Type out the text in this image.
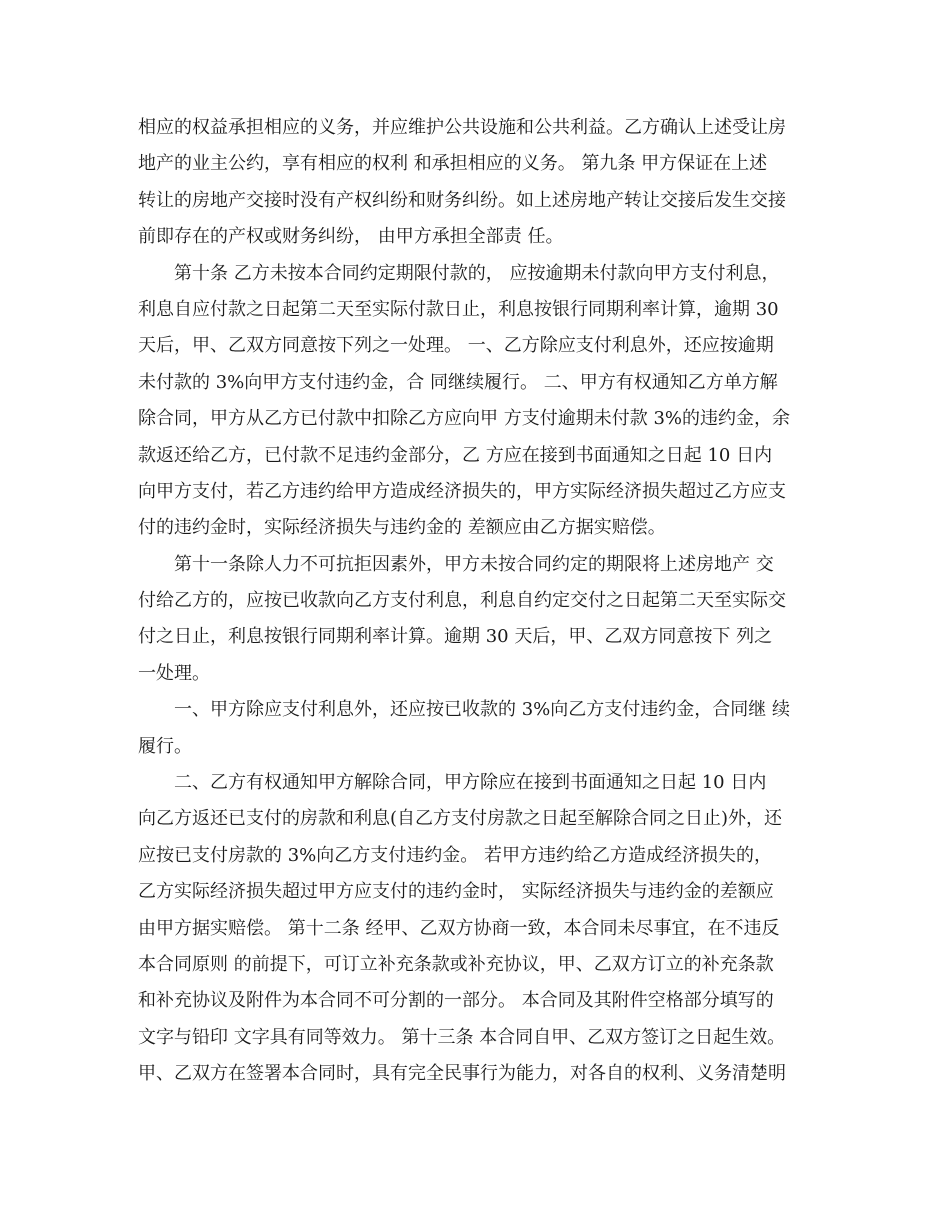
相应的权益承担相应的义务，并应维护公共设施和公共利益。乙方确认上述受让房
地产的业主公约，享有相应的权利 和承担相应的义务。 第九条 甲方保证在上述
转让的房地产交接时没有产权纠纷和财务纠纷。如上述房地产转让交接后发生交接
前即存在的产权或财务纠纷， 由甲方承担全部责 任。
　　第十条 乙方未按本合同约定期限付款的， 应按逾期未付款向甲方支付利息，
利息自应付款之日起第二天至实际付款日止，利息按银行同期利率计算，逾期 30
天后，甲、乙双方同意按下列之一处理。 一、乙方除应支付利息外，还应按逾期
未付款的 3%向甲方支付违约金，合 同继续履行。 二、甲方有权通知乙方单方解
除合同，甲方从乙方已付款中扣除乙方应向甲 方支付逾期未付款 3%的违约金，余
款返还给乙方，已付款不足违约金部分，乙 方应在接到书面通知之日起 10 日内
向甲方支付，若乙方违约给甲方造成经济损失的，甲方实际经济损失超过乙方应支
付的违约金时，实际经济损失与违约金的 差额应由乙方据实赔偿。
　　第十一条除人力不可抗拒因素外，甲方未按合同约定的期限将上述房地产 交
付给乙方的，应按已收款向乙方支付利息，利息自约定交付之日起第二天至实际交
付之日止，利息按银行同期利率计算。逾期 30 天后，甲、乙双方同意按下 列之
一处理。
　　一、甲方除应支付利息外，还应按已收款的 3%向乙方支付违约金，合同继 续
履行。
　　二、乙方有权通知甲方解除合同，甲方除应在接到书面通知之日起 10 日内
向乙方返还已支付的房款和利息(自乙方支付房款之日起至解除合同之日止)外，还
应按已支付房款的 3%向乙方支付违约金。 若甲方违约给乙方造成经济损失的，
乙方实际经济损失超过甲方应支付的违约金时， 实际经济损失与违约金的差额应
由甲方据实赔偿。 第十二条 经甲、乙双方协商一致，本合同未尽事宜，在不违反
本合同原则 的前提下，可订立补充条款或补充协议，甲、乙双方订立的补充条款
和补充协议及附件为本合同不可分割的一部分。 本合同及其附件空格部分填写的
文字与铅印 文字具有同等效力。 第十三条 本合同自甲、乙双方签订之日起生效。
甲、乙双方在签署本合同时，具有完全民事行为能力，对各自的权利、义务清楚明
